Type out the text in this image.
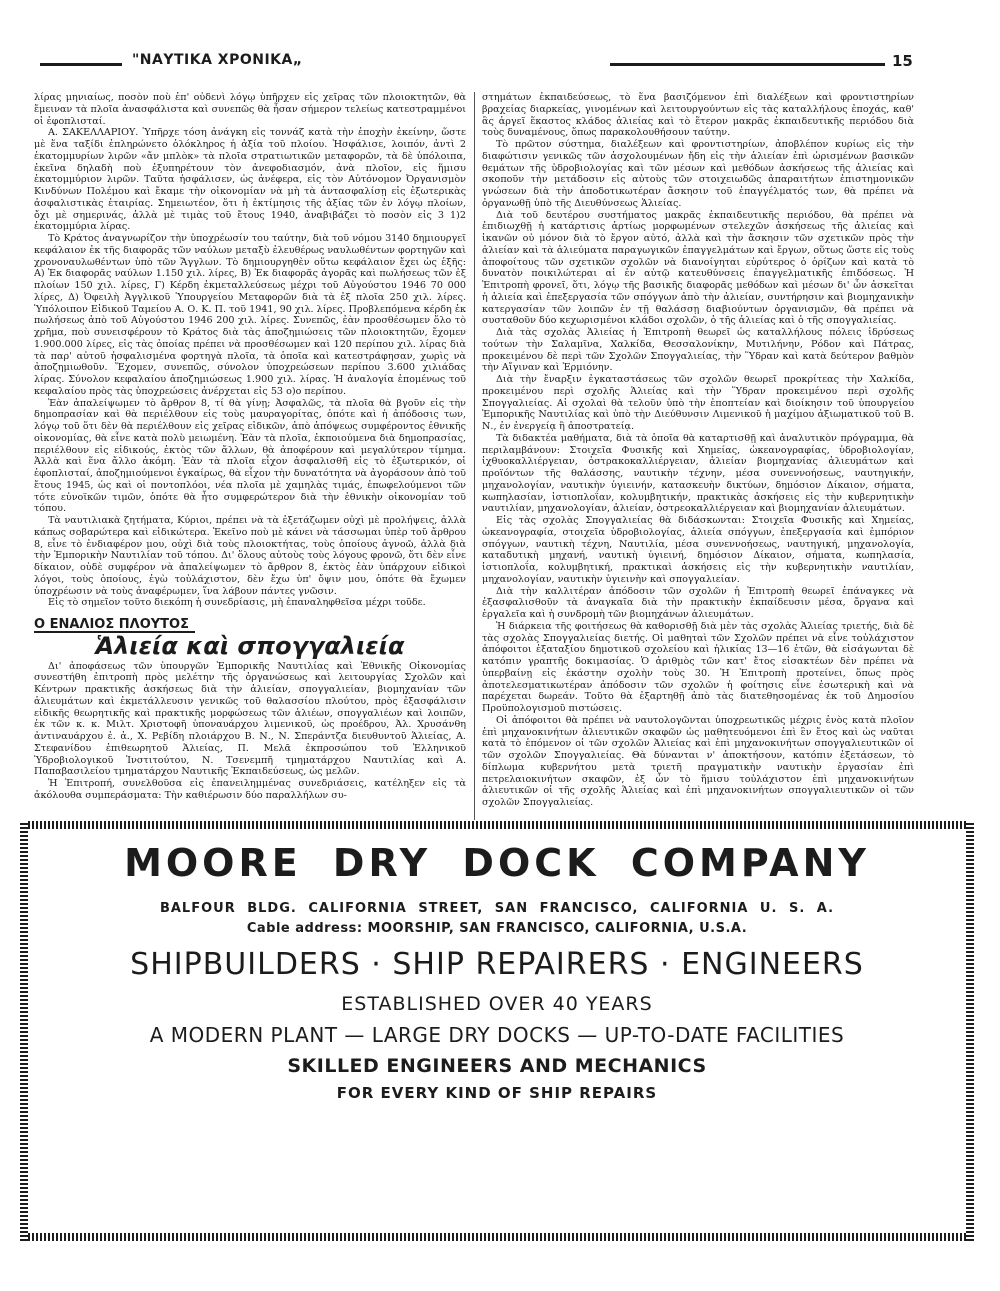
"ΝΑΥΤΙΚΑ ΧΡΟΝΙΚΑ„	15

λίρας μηνιαίως, ποσὸν ποὺ ἐπ' οὐδενὶ λόγῳ ὑπῆρχεν εἰς χεῖρας τῶν πλοιοκτητῶν, θὰ ἔμειναν τὰ πλοῖα ἀνασφάλιστα καὶ συνεπῶς θὰ ἦσαν σήμερον τελείως κατεστραμμένοι οἱ ἐφοπλισταί.

Α. ΣΑΚΕΛΛΑΡΙΟΥ. Ὑπῆρχε τόση ἀνάγκη εἰς τοννάζ κατὰ τὴν ἐποχὴν ἐκείνην, ὥστε μὲ ἕνα ταξίδι ἐπληρώνετο ὁλόκληρος ἡ ἀξία τοῦ πλοίου. Ἠσφάλισε, λοιπόν, ἀντὶ 2 ἑκατομμυρίων λιρῶν «ἄν μπλὸκ» τὰ πλοῖα στρατιωτικῶν μεταφορῶν, τὰ δὲ ὑπόλοιπα, ἐκεῖνα δηλαδὴ ποὺ ἐξυπηρέτουν τὸν ἀνεφοδιασμόν, ἀνὰ πλοῖον, εἰς ἥμισυ ἑκατομμύριον λιρῶν. Ταῦτα ἠσφάλισεν, ὡς ἀνέφερα, εἰς τὸν Αὐτόνομον Ὀργανισμὸν Κινδύνων Πολέμου καὶ ἔκαμε τὴν οἰκονομίαν νὰ μὴ τὰ ἀντασφαλίσῃ εἰς ἐξωτερικὰς ἀσφαλιστικὰς ἑταιρίας. Σημειωτέον, ὅτι ἡ ἐκτίμησις τῆς ἀξίας τῶν ἐν λόγῳ πλοίων, ὄχι μὲ σημερινάς, ἀλλὰ μὲ τιμὰς τοῦ ἔτους 1940, ἀναβιβάζει τὸ ποσὸν εἰς 3 1)2 ἑκατομμύρια λίρας.

Τὸ Κράτος ἀναγνωρίζον τὴν ὑποχρέωσίν του ταύτην, διὰ τοῦ νόμου 3140 δημιουργεῖ κεφάλαιον ἐκ τῆς διαφορᾶς τῶν ναύλων μεταξὺ ἐλευθέρως ναυλωθέντων φορτηγῶν καὶ χρονοναυλωθέντων ὑπὸ τῶν Ἄγγλων. Τὸ δημιουργηθὲν οὕτω κεφάλαιον ἔχει ὡς ἑξῆς: Α) Ἐκ διαφορᾶς ναύλων 1.150 χιλ. λίρες, Β) Ἐκ διαφορᾶς ἀγορᾶς καὶ πωλήσεως τῶν ἐξ πλοίων 150 χιλ. λίρες, Γ) Κέρδη ἐκμεταλλεύσεως μέχρι τοῦ Αὐγούστου 1946 70 000 λίρες, Δ) Ὀφειλὴ Ἀγγλικοῦ Ὑπουργείου Μεταφορῶν διὰ τὰ ἐξ πλοῖα 250 χιλ. λίρες. Ὑπόλοιπον Εἰδικοῦ Ταμείου Α. Ο. Κ. Π. τοῦ 1941, 90 χιλ. λίρες. Προβλεπόμενα κέρδη ἐκ πωλήσεως ἀπὸ τοῦ Αὐγούστου 1946 200 χιλ. λίρες. Συνεπῶς, ἐὰν προσθέσωμεν ὅλο τὸ χρῆμα, ποὺ συνεισφέρουν τὸ Κράτος διὰ τὰς ἀποζημιώσεις τῶν πλοιοκτητῶν, ἔχομεν 1.900.000 λίρες, εἰς τὰς ὁποίας πρέπει νὰ προσθέσωμεν καὶ 120 περίπου χιλ. λίρας διὰ τὰ παρ' αὐτοῦ ἠσφαλισμένα φορτηγὰ πλοῖα, τὰ ὁποῖα καὶ κατεστράφησαν, χωρὶς νὰ ἀποζημιωθοῦν. Ἔχομεν, συνεπῶς, σύνολον ὑποχρεώσεων περίπου 3.600 χιλιάδας λίρας. Σύνολον κεφαλαίου ἀποζημιώσεως 1.900 χιλ. λίρας. Ἡ ἀναλογία ἑπομένως τοῦ κεφαλαίου πρὸς τὰς ὑποχρεώσεις ἀνέρχεται εἰς 53 ο)ο περίπου.

Ἐὰν ἀπαλείψωμεν τὸ ἄρθρον 8, τί θὰ γίνῃ; Ἀσφαλῶς, τὰ πλοῖα θὰ βγοῦν εἰς τὴν δημοπρασίαν καὶ θὰ περιέλθουν εἰς τοὺς μαυραγορίτας, ὁπότε καὶ ἡ ἀπόδοσις των, λόγῳ τοῦ ὅτι δὲν θὰ περιέλθουν εἰς χεῖρας εἰδικῶν, ἀπὸ ἀπόψεως συμφέροντος ἐθνικῆς οἰκονομίας, θὰ εἶνε κατὰ πολὺ μειωμένη. Ἐὰν τὰ πλοῖα, ἐκποιούμενα διὰ δημοπρασίας, περιέλθουν εἰς εἰδικούς, ἐκτὸς τῶν ἄλλων, θὰ ἀποφέρουν καὶ μεγαλύτερον τίμημα. Ἀλλὰ καὶ ἕνα ἄλλο ἀκόμη. Ἐὰν τὰ πλοῖα εἶχον ἀσφαλισθῆ εἰς τὸ ἐξωτερικόν, οἱ ἐφοπλισταί, ἀποζημιούμενοι ἐγκαίρως, θὰ εἶχον τὴν δυνατότητα νὰ ἀγοράσουν ἀπὸ τοῦ ἔτους 1945, ὡς καὶ οἱ ποντοπλόοι, νέα πλοῖα μὲ χαμηλὰς τιμάς, ἐπωφελούμενοι τῶν τότε εὐνοϊκῶν τιμῶν, ὁπότε θὰ ἦτο συμφερώτερον διὰ τὴν ἐθνικὴν οἰκονομίαν τοῦ τόπου.

Τὰ ναυτιλιακὰ ζητήματα, Κύριοι, πρέπει νὰ τὰ ἐξετάζωμεν οὐχὶ μὲ προλήψεις, ἀλλὰ κάπως σοβαρώτερα καὶ εἰδικώτερα. Ἐκεῖνο ποὺ μὲ κάνει νὰ τάσσωμαι ὑπὲρ τοῦ ἄρθρου 8, εἶνε τὸ ἐνδιαφέρον μου, οὐχὶ διὰ τοὺς πλοιοκτήτας, τοὺς ὁποίους ἀγνοῶ, ἀλλὰ διὰ τὴν Ἐμπορικὴν Ναυτιλίαν τοῦ τόπου. Δι' ὅλους αὐτοὺς τοὺς λόγους φρονῶ, ὅτι δὲν εἶνε δίκαιον, οὐδὲ συμφέρον νὰ ἀπαλείψωμεν τὸ ἄρθρον 8, ἐκτὸς ἐὰν ὑπάρχουν εἰδικοὶ λόγοι, τοὺς ὁποίους, ἐγὼ τοὐλάχιστον, δὲν ἔχω ὑπ' ὄψιν μου, ὁπότε θὰ ἔχωμεν ὑποχρέωσιν νὰ τοὺς ἀναφέρωμεν, ἵνα λάβουν πάντες γνῶσιν.

Εἰς τὸ σημεῖον τοῦτο διεκόπη ἡ συνεδρίασις, μὴ ἐπαναληφθεῖσα μέχρι τοῦδε.

Ο ΕΝΑΛΙΟΣ ΠΛΟΥΤΟΣ
Ἁλιεία καὶ σπογγαλιεία

Δι' ἀποφάσεως τῶν ὑπουργῶν Ἐμπορικῆς Ναυτιλίας καὶ Ἐθνικῆς Οἰκονομίας συνεστήθη ἐπιτροπὴ πρὸς μελέτην τῆς ὀργανώσεως καὶ λειτουργίας Σχολῶν καὶ Κέντρων πρακτικῆς ἀσκήσεως διὰ τὴν ἁλιείαν, σπογγαλιείαν, βιομηχανίαν τῶν ἁλιευμάτων καὶ ἐκμετάλλευσιν γενικῶς τοῦ θαλασσίου πλούτου, πρὸς ἐξασφάλισιν εἰδικῆς θεωρητικῆς καὶ πρακτικῆς μορφώσεως τῶν ἁλιέων, σπογγαλιέων καὶ λοιπῶν, ἐκ τῶν κ. κ. Μιλτ. Χριστοφῆ ὑποναυάρχου λιμενικοῦ, ὡς προέδρου, Ἀλ. Χρυσάνθη ἀντιναυάρχου ἐ. ἀ., Χ. Ρεβίδη πλοιάρχου Β. Ν., Ν. Σπεράντζα διευθυντοῦ Ἁλιείας, Α. Στεφανίδου ἐπιθεωρητοῦ Ἁλιείας, Π. Μελᾶ ἐκπροσώπου τοῦ Ἑλληνικοῦ Ὑδροβιολογικοῦ Ἰνστιτούτου, Ν. Τσενεμπῆ τμηματάρχου Ναυτιλίας καὶ Α. Παπαβασιλείου τμηματάρχου Ναυτικῆς Ἐκπαιδεύσεως, ὡς μελῶν.

Ἡ Ἐπιτροπή, συνελθοῦσα εἰς ἐπανειλημμένας συνεδριάσεις, κατέληξεν εἰς τὰ ἀκόλουθα συμπεράσματα: Τὴν καθιέρωσιν δύο παραλλήλων συ-

στημάτων ἐκπαιδεύσεως, τὸ ἕνα βασιζόμενον ἐπὶ διαλέξεων καὶ φροντιστηρίων βραχείας διαρκείας, γινομένων καὶ λειτουργούντων εἰς τὰς καταλλήλους ἐποχάς, καθ' ἃς ἀργεῖ ἕκαστος κλάδος ἁλιείας καὶ τὸ ἕτερον μακρᾶς ἐκπαιδευτικῆς περιόδου διὰ τοὺς δυναμένους, ὅπως παρακολουθήσουν ταύτην.

Τὸ πρῶτον σύστημα, διαλέξεων καὶ φροντιστηρίων, ἀποβλέπον κυρίως εἰς τὴν διαφώτισιν γενικῶς τῶν ἀσχολουμένων ἤδη εἰς τὴν ἁλιείαν ἐπὶ ὡρισμένων βασικῶν θεμάτων τῆς ὑδροβιολογίας καὶ τῶν μέσων καὶ μεθόδων ἀσκήσεως τῆς ἁλιείας καὶ σκοποῦν τὴν μετάδοσιν εἰς αὐτοὺς τῶν στοιχειωδῶς ἀπαραιτήτων ἐπιστημονικῶν γνώσεων διὰ τὴν ἀποδοτικωτέραν ἄσκησιν τοῦ ἐπαγγέλματός των, θὰ πρέπει νὰ ὀργανωθῇ ὑπὸ τῆς Διευθύνσεως Ἁλιείας.

Διὰ τοῦ δευτέρου συστήματος μακρᾶς ἐκπαιδευτικῆς περιόδου, θὰ πρέπει νὰ ἐπιδιωχθῇ ἡ κατάρτισις ἀρτίως μορφωμένων στελεχῶν ἀσκήσεως τῆς ἁλιείας καὶ ἱκανῶν οὐ μόνον διὰ τὸ ἔργον αὐτό, ἀλλὰ καὶ τὴν ἄσκησιν τῶν σχετικῶν πρὸς τὴν ἁλιείαν καὶ τὰ ἁλιεύματα παραγωγικῶν ἐπαγγελμάτων καὶ ἔργων, οὕτως ὥστε εἰς τοὺς ἀποφοίτους τῶν σχετικῶν σχολῶν νὰ διανοίγηται εὐρύτερος ὁ ὁρίζων καὶ κατὰ τὸ δυνατὸν ποικιλώτεραι αἱ ἐν αὐτῷ κατευθύνσεις ἐπαγγελματικῆς ἐπιδόσεως. Ἡ Ἐπιτροπὴ φρονεῖ, ὅτι, λόγῳ τῆς βασικῆς διαφορᾶς μεθόδων καὶ μέσων δι' ὧν ἀσκεῖται ἡ ἁλιεία καὶ ἐπεξεργασία τῶν σπόγγων ἀπὸ τὴν ἁλιείαν, συντήρησιν καὶ βιομηχανικὴν κατεργασίαν τῶν λοιπῶν ἐν τῇ θαλάσσῃ διαβιούντων ὀργανισμῶν, θὰ πρέπει νὰ συσταθοῦν δύο κεχωρισμένοι κλάδοι σχολῶν, ὁ τῆς ἁλιείας καὶ ὁ τῆς σπογγαλιείας.

Διὰ τὰς σχολὰς Ἁλιείας ἡ Ἐπιτροπὴ θεωρεῖ ὡς καταλλήλους πόλεις ἱδρύσεως τούτων τὴν Σαλαμῖνα, Χαλκίδα, Θεσσαλονίκην, Μυτιλήνην, Ρόδον καὶ Πάτρας, προκειμένου δὲ περὶ τῶν Σχολῶν Σπογγαλιείας, τὴν Ὕδραν καὶ κατὰ δεύτερον βαθμὸν τὴν Αἴγιναν καὶ Ἑρμιόνην.

Διὰ τὴν ἔναρξιν ἐγκαταστάσεως τῶν σχολῶν θεωρεῖ προκρίτεας τὴν Χαλκίδα, προκειμένου περὶ σχολῆς Ἁλιείας καὶ τὴν Ὕδραν προκειμένου περὶ σχολῆς Σπογγαλιείας. Αἱ σχολαὶ θὰ τελοῦν ὑπὸ τὴν ἐποπτείαν καὶ διοίκησιν τοῦ ὑπουργείου Ἐμπορικῆς Ναυτιλίας καὶ ὑπὸ τὴν Διεύθυνσιν Λιμενικοῦ ἡ μαχίμου ἀξιωματικοῦ τοῦ Β. Ν., ἐν ἐνεργείᾳ ἢ ἀποστρατείᾳ.

Τὰ διδακτέα μαθήματα, διὰ τὰ ὁποῖα θὰ καταρτισθῇ καὶ ἀναλυτικὸν πρόγραμμα, θὰ περιλαμβάνουν: Στοιχεῖα Φυσικῆς καὶ Χημείας, ὠκεανογραφίας, ὑδροβιολογίαν, ἰχθυοκαλλιέργειαν, ὀστρακοκαλλιέργειαν, ἁλιείαν βιομηχανίας ἁλιευμάτων καὶ προϊόντων τῆς θαλάσσης, ναυτικὴν τέχνην, μέσα συνεννοήσεως, ναυτηγικήν, μηχανολογίαν, ναυτικὴν ὑγιεινήν, κατασκευὴν δικτύων, δημόσιον Δίκαιον, σήματα, κωπηλασίαν, ἱστιοπλοΐαν, κολυμβητικήν, πρακτικὰς ἀσκήσεις εἰς τὴν κυβερνητικὴν ναυτιλίαν, μηχανολογίαν, ἁλιείαν, ὀστρεοκαλλιέργειαν καὶ βιομηχανίαν ἁλιευμάτων.

Εἰς τὰς σχολὰς Σπογγαλιείας θὰ διδάσκωνται: Στοιχεῖα Φυσικῆς καὶ Χημείας, ὠκεανογραφία, στοιχεῖα ὑδροβιολογίας, ἁλιεία σπόγγων, ἐπεξεργασία καὶ ἐμπόριον σπόγγων, ναυτικὴ τέχνη, Ναυτιλία, μέσα συνεννοήσεως, ναυτηγική, μηχανολογία, καταδυτικὴ μηχανή, ναυτικὴ ὑγιεινή, δημόσιον Δίκαιον, σήματα, κωπηλασία, ἱστιοπλοΐα, κολυμβητική, πρακτικαὶ ἀσκήσεις εἰς τὴν κυβερνητικὴν ναυτιλίαν, μηχανολογίαν, ναυτικὴν ὑγιεινὴν καὶ σπογγαλιείαν.

Διὰ τὴν καλλιτέραν ἀπόδοσιν τῶν σχολῶν ἡ Ἐπιτροπὴ θεωρεῖ ἐπάναγκες νὰ ἐξασφαλισθοῦν τὰ ἀναγκαῖα διὰ τὴν πρακτικὴν ἐκπαίδευσιν μέσα, ὄργανα καὶ ἐργαλεῖα καὶ ἡ συνδρομὴ τῶν βιομηχάνων ἁλιευμάτων.

Ἡ διάρκεια τῆς φοιτήσεως θὰ καθορισθῇ διὰ μὲν τὰς σχολὰς Ἁλιείας τριετής, διὰ δὲ τὰς σχολὰς Σπογγαλιείας διετής. Οἱ μαθηταὶ τῶν Σχολῶν πρέπει νὰ εἶνε τοὐλάχιστον ἀπόφοιτοι ἑξαταξίου δημοτικοῦ σχολείου καὶ ἡλικίας 13—16 ἐτῶν, θὰ εἰσάγωνται δὲ κατόπιν γραπτῆς δοκιμασίας. Ὁ ἀριθμὸς τῶν κατ' ἔτος εἰσακτέων δὲν πρέπει νὰ ὑπερβαίνῃ εἰς ἑκάστην σχολὴν τοὺς 30. Ἡ Ἐπιτροπὴ προτείνει, ὅπως πρὸς ἀποτελεσματικωτέραν ἀπόδοσιν τῶν σχολῶν ἡ φοίτησις εἶνε ἐσωτερικὴ καὶ νὰ παρέχεται δωρεάν. Τοῦτο θὰ ἐξαρτηθῇ ἀπὸ τὰς διατεθησομένας ἐκ τοῦ Δημοσίου Προϋπολογισμοῦ πιστώσεις.

Οἱ ἀπόφοιτοι θὰ πρέπει νὰ ναυτολογῶνται ὑποχρεωτικῶς μέχρις ἑνὸς κατὰ πλοῖον ἐπὶ μηχανοκινήτων ἁλιευτικῶν σκαφῶν ὡς μαθητευόμενοι ἐπὶ ἓν ἔτος καὶ ὡς ναῦται κατὰ τὸ ἑπόμενον οἱ τῶν σχολῶν Ἁλιείας καὶ ἐπὶ μηχανοκινήτων σπογγαλιευτικῶν οἱ τῶν σχολῶν Σπογγαλιείας. Θὰ δύνανται ν' ἀποκτήσουν, κατόπιν ἐξετάσεων, τὸ δίπλωμα κυβερνήτου μετὰ τριετῆ πραγματικὴν ναυτικὴν ἐργασίαν ἐπὶ πετρελαιοκινήτων σκαφῶν, ἐξ ὧν τὸ ἥμισυ τοὐλάχιστον ἐπὶ μηχανοκινήτων ἁλιευτικῶν οἱ τῆς σχολῆς Ἁλιείας καὶ ἐπὶ μηχανοκινήτων σπογγαλιευτικῶν οἱ τῶν σχολῶν Σπογγαλιείας.

MOORE DRY DOCK COMPANY
BALFOUR BLDG. CALIFORNIA STREET, SAN FRANCISCO, CALIFORNIA U. S. A.
Cable address: MOORSHIP, SAN FRANCISCO, CALIFORNIA, U.S.A.
SHIPBUILDERS · SHIP REPAIRERS · ENGINEERS
ESTABLISHED OVER 40 YEARS
A MODERN PLANT — LARGE DRY DOCKS — UP-TO-DATE FACILITIES
SKILLED ENGINEERS AND MECHANICS
FOR EVERY KIND OF SHIP REPAIRS
